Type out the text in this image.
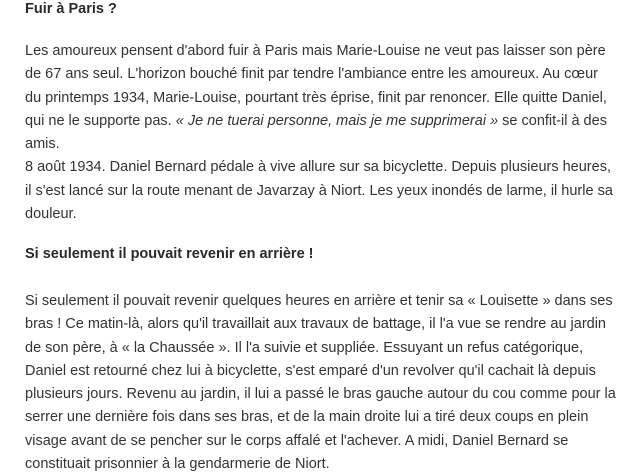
Fuir à Paris ?

Les amoureux pensent d'abord fuir à Paris mais Marie-Louise ne veut pas laisser son père
de 67 ans seul. L'horizon bouché finit par tendre l'ambiance entre les amoureux. Au cœur
du printemps 1934, Marie-Louise, pourtant très éprise, finit par renoncer. Elle quitte Daniel,
qui ne le supporte pas. « Je ne tuerai personne, mais je me supprimerai » se confit-il à des
amis.
8 août 1934. Daniel Bernard pédale à vive allure sur sa bicyclette. Depuis plusieurs heures,
il s'est lancé sur la route menant de Javarzay à Niort. Les yeux inondés de larme, il hurle sa
douleur.

Si seulement il pouvait revenir en arrière !

Si seulement il pouvait revenir quelques heures en arrière et tenir sa « Louisette » dans ses
bras ! Ce matin-là, alors qu'il travaillait aux travaux de battage, il l'a vue se rendre au jardin
de son père, à « la Chaussée ». Il l'a suivie et suppliée. Essuyant un refus catégorique,
Daniel est retourné chez lui à bicyclette, s'est emparé d'un revolver qu'il cachait là depuis
plusieurs jours. Revenu au jardin, il lui a passé le bras gauche autour du cou comme pour la
serrer une dernière fois dans ses bras, et de la main droite lui a tiré deux coups en plein
visage avant de se pencher sur le corps affalé et l'achever. A midi, Daniel Bernard se
constituait prisonnier à la gendarmerie de Niort.
